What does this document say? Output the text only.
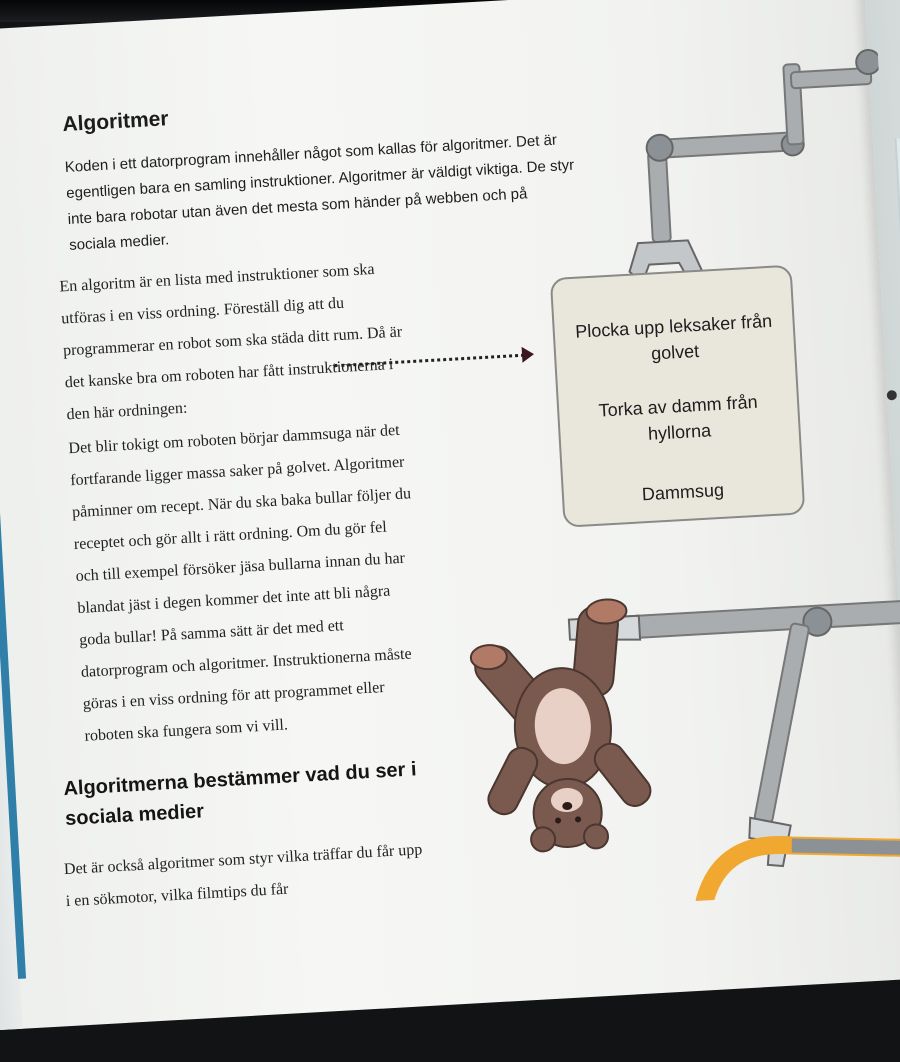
Algoritmer

Koden i ett datorprogram innehåller något som kallas för algoritmer. Det är egentligen bara en samling instruktioner. Algoritmer är väldigt viktiga. De styr inte bara robotar utan även det mesta som händer på webben och på sociala medier.

En algoritm är en lista med instruktioner som ska utföras i en viss ordning. Föreställ dig att du programmerar en robot som ska städa ditt rum. Då är det kanske bra om roboten har fått instruktionerna i den här ordningen:

Det blir tokigt om roboten börjar dammsuga när det fortfarande ligger massa saker på golvet. Algoritmer påminner om recept. När du ska baka bullar följer du receptet och gör allt i rätt ordning. Om du gör fel och till exempel försöker jäsa bullarna innan du har blandat jäst i degen kommer det inte att bli några goda bullar! På samma sätt är det med ett datorprogram och algoritmer. Instruktionerna måste göras i en viss ordning för att programmet eller roboten ska fungera som vi vill.

Algoritmerna bestämmer vad du ser i sociala medier

Det är också algoritmer som styr vilka träffar du får upp i en sökmotor, vilka filmtips du får

Plocka upp leksaker från golvet
Torka av damm från hyllorna
Dammsug
